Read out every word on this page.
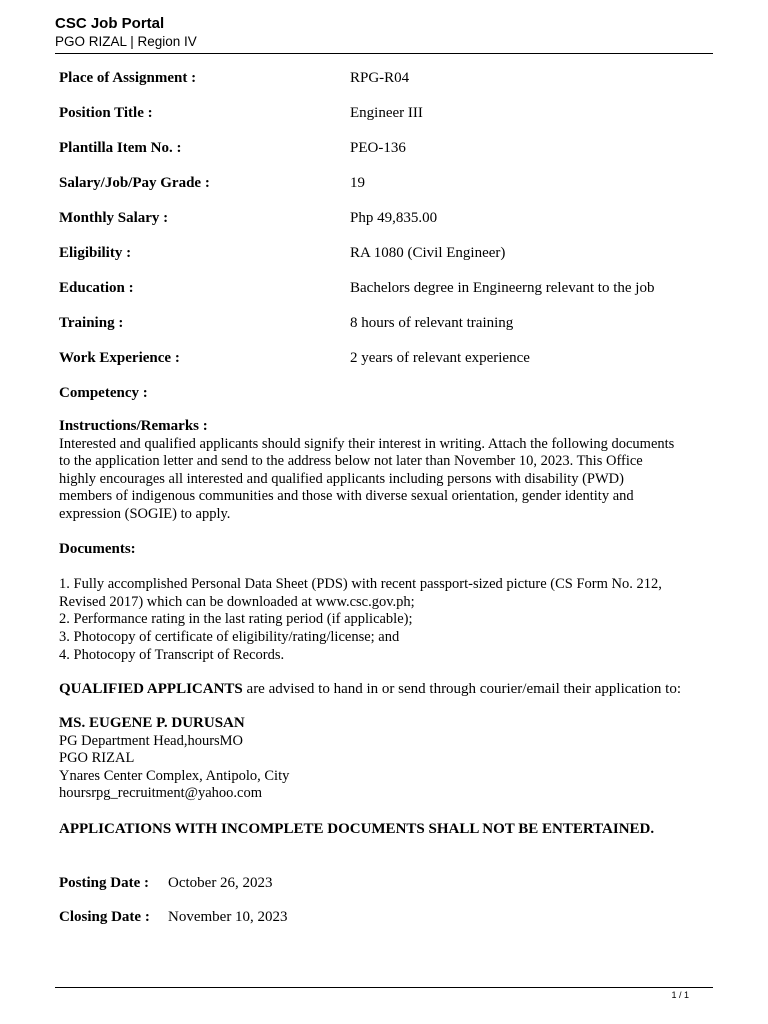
CSC Job Portal
PGO RIZAL | Region IV
Place of Assignment :	RPG-R04
Position Title :	Engineer III
Plantilla Item No. :	PEO-136
Salary/Job/Pay Grade :	19
Monthly Salary :	Php 49,835.00
Eligibility :	RA 1080 (Civil Engineer)
Education :	Bachelors degree in Engineerng relevant to the job
Training :	8 hours of relevant training
Work Experience :	2 years of relevant experience
Competency :
Instructions/Remarks :
Interested and qualified applicants should signify their interest in writing. Attach the following documents
to the application letter and send to the address below not later than November 10, 2023. This Office
highly encourages all interested and qualified applicants including persons with disability (PWD)
members of indigenous communities and those with diverse sexual orientation, gender identity and
expression (SOGIE) to apply.
Documents:
1. Fully accomplished Personal Data Sheet (PDS) with recent passport-sized picture (CS Form No. 212,
Revised 2017) which can be downloaded at www.csc.gov.ph;
2. Performance rating in the last rating period (if applicable);
3. Photocopy of certificate of eligibility/rating/license; and
4. Photocopy of Transcript of Records.
QUALIFIED APPLICANTS are advised to hand in or send through courier/email their application to:
MS. EUGENE P. DURUSAN
PG Department Head,hoursMO
PGO RIZAL
Ynares Center Complex, Antipolo, City
hoursrpg_recruitment@yahoo.com
APPLICATIONS WITH INCOMPLETE DOCUMENTS SHALL NOT BE ENTERTAINED.
Posting Date : October 26, 2023
Closing Date : November 10, 2023
1 / 1
